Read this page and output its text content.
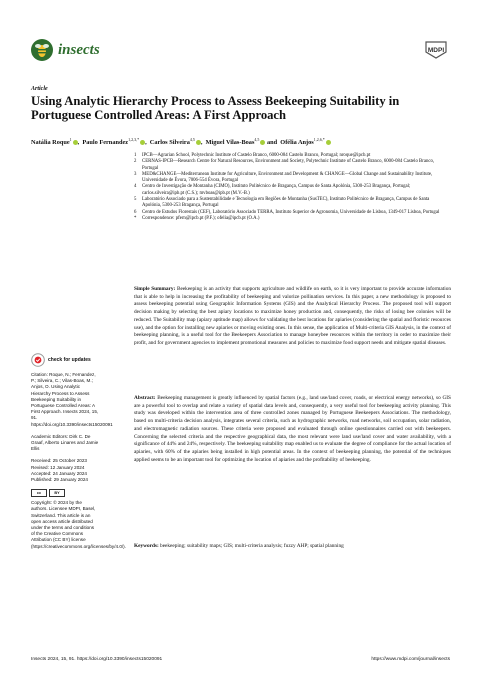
insects	MDPI
Article
Using Analytic Hierarchy Process to Assess Beekeeping Suitability in Portuguese Controlled Areas: A First Approach
Natália Roque$^1$ ,  Paulo Fernandez$^{1,2,3,*}$ ,  Carlos Silveira$^{4,5}$ ,  Miguel Vilas-Boas$^{4,5}$ and  Ofélia Anjos$^{1,2,6,*}$
1	IPCB—Agrarian School, Polytechnic Institute of Castelo Branco, 6000-084 Castelo Branco, Portugal; nroque@ipcb.pt
2	CERNAS-IPCB—Research Centre for Natural Resources, Environment and Society, Polytechnic Institute of Castelo Branco, 6000-084 Castelo Branco, Portugal
3	MED&CHANGE—Mediterranean Institute for Agriculture, Environment and Development & CHANGE—Global Change and Sustainability Institute, Universidade de Évora, 7006-554 Évora, Portugal
4	Centro de Investigação de Montanha (CIMO), Instituto Politécnico de Bragança, Campus de Santa Apolónia, 5300-253 Bragança, Portugal; carlos.silveira@ipb.pt (C.S.); mvboas@ipb.pt (M.V.-B.)
5	Laboratório Associado para a Sustentabilidade e Tecnologia em Regiões de Montanha (SusTEC), Instituto Politécnico de Bragança, Campus de Santa Apolónia, 5300-253 Bragança, Portugal
6	Centro de Estudos Florestais (CEF), Laboratório Associado TERRA, Instituto Superior de Agronomia, Universidade de Lisboa, 1349-017 Lisboa, Portugal
*	Correspondence: pfern@ipcb.pt (P.F.); ofelia@ipcb.pt (O.A.)
Simple Summary: Beekeeping is an activity that supports agriculture and wildlife on earth, so it is very important to provide accurate information that is able to help in increasing the profitability of beekeeping and valorize pollination services. In this paper, a new methodology is proposed to assess beekeeping potential using Geographic Information Systems (GIS) and the Analytical Hierarchy Process. The proposed tool will support decision making by selecting the best apiary locations to maximize honey production and, consequently, the risks of losing bee colonies will be reduced. The Suitability map (apiary aptitude map) allows for validating the best locations for apiaries (considering the spatial and floristic resources use), and the option for installing new apiaries or moving existing ones. In this sense, the application of Multi-criteria GIS Analysis, in the context of beekeeping planning, is a useful tool for the Beekeepers Association to manage honeybee resources within the territory in order to maximize their profit, and for government agencies to implement promotional measures and policies to maximize food support needs and mitigate spatial diseases.
Abstract: Beekeeping management is greatly influenced by spatial factors (e.g., land use/land cover, roads, or electrical energy networks), so GIS are a powerful tool to overlap and relate a variety of spatial data levels and, consequently, a very useful tool for beekeeping activity planning. This study was developed within the intervention area of three controlled zones managed by Portuguese Beekeepers Associations. The methodology, based on multi-criteria decision analysis, integrates several criteria, such as hydrographic networks, road networks, soil occupation, solar radiation, and electromagnetic radiation sources. These criteria were proposed and evaluated through online questionnaires carried out with beekeepers. Concerning the selected criteria and the respective geographical data, the most relevant were land use/land cover and water availability, with a significance of 44% and 24%, respectively. The beekeeping suitability map enabled us to evaluate the degree of compliance for the actual location of apiaries, with 60% of the apiaries being installed in high potential areas. In the context of beekeeping planning, the potential of the techniques applied seems to be an important tool for optimizing the location of apiaries and the profitability of beekeeping.
Keywords: beekeeping; suitability maps; GIS; multi-criteria analysis; fuzzy AHP; spatial planning
check for updates
Citation: Roque, N.; Fernandez, P.; Silveira, C.; Vilas-Boas, M.; Anjos, O. Using Analytic Hierarchy Process to Assess Beekeeping Suitability in Portuguese Controlled Areas: A First Approach. Insects 2024, 15, 91. https://doi.org/10.3390/insects15020091
Academic Editors: Dirk C. De Graaf, Alberto Linares and Jamie Ellis
Received: 25 October 2023
Revised: 12 January 2024
Accepted: 24 January 2024
Published: 29 January 2024
cc	BY
Copyright: © 2024 by the authors. Licensee MDPI, Basel, Switzerland. This article is an open access article distributed under the terms and conditions of the Creative Commons Attribution (CC BY) license (https://creativecommons.org/licenses/by/4.0/).
Insects 2024, 15, 91. https://doi.org/10.3390/insects15020091	https://www.mdpi.com/journal/insects
